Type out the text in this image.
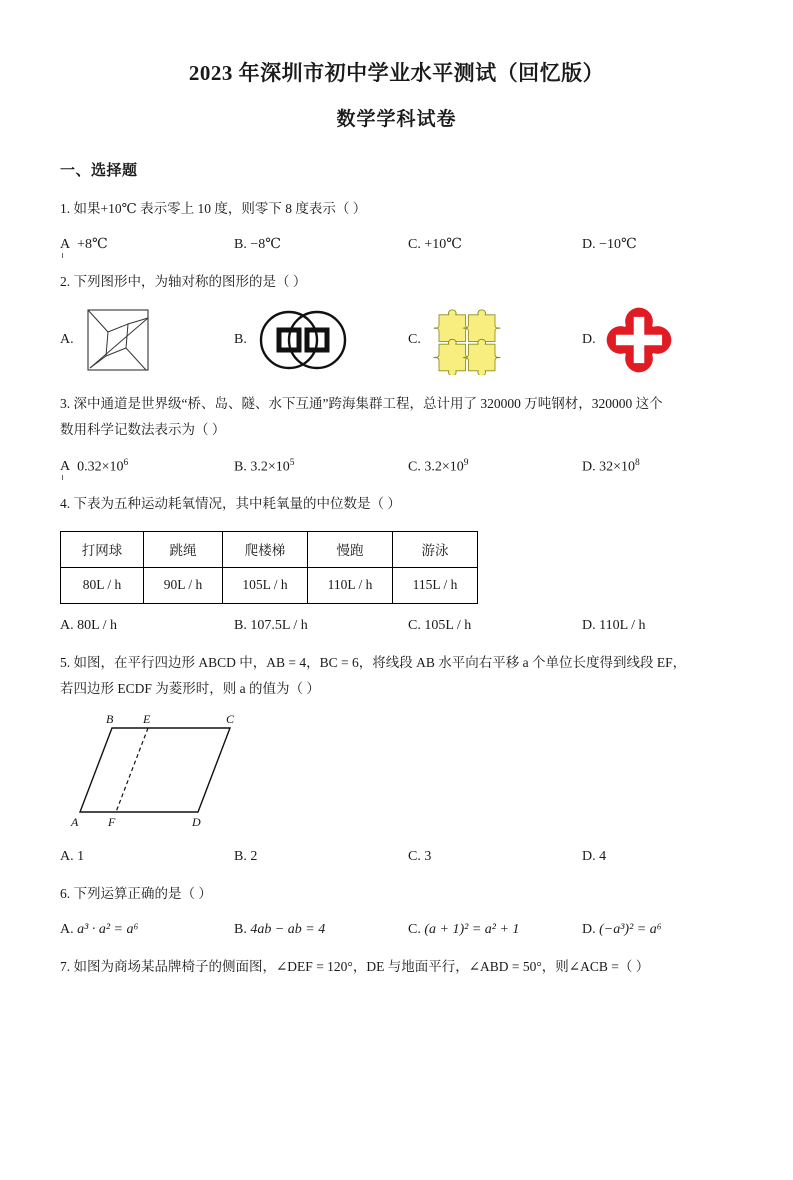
2023 年深圳市初中学业水平测试（回忆版）
数学学科试卷
一、选择题
1. 如果+10℃ 表示零上 10 度，则零下 8 度表示（ ）
A +8℃	B. −8℃	C. +10℃	D. −10℃
2. 下列图形中，为轴对称的图形的是（ ）
A.	B.	C.	D.
3. 深中通道是世界级“桥、岛、隧、水下互通”跨海集群工程，总计用了 320000 万吨钢材，320000 这个
数用科学记数法表示为（ ）
A $0.32\times 10^6$	B. $3.2\times 10^5$	C. $3.2\times 10^9$	D. $32\times 10^8$
4. 下表为五种运动耗氧情况，其中耗氧量的中位数是（ ）
打网球	跳绳	爬楼梯	慢跑	游泳
80L / h	90L / h	105L / h	110L / h	115L / h
A. 80L / h	B. 107.5L / h	C. 105L / h	D. 110L / h
5. 如图，在平行四边形 ABCD 中，AB = 4，BC = 6，将线段 AB 水平向右平移 a 个单位长度得到线段 EF，
若四边形 ECDF 为菱形时，则 a 的值为（ ）
B E	C
A F	D
A. 1	B. 2	C. 3	D. 4
6. 下列运算正确的是（ ）
A. a³ · a² = a⁶	B. 4ab − ab = 4	C. (a + 1)² = a² + 1	D. (−a³)² = a⁶
7. 如图为商场某品牌椅子的侧面图，∠DEF = 120°，DE 与地面平行，∠ABD = 50°，则∠ACB =（ ）
